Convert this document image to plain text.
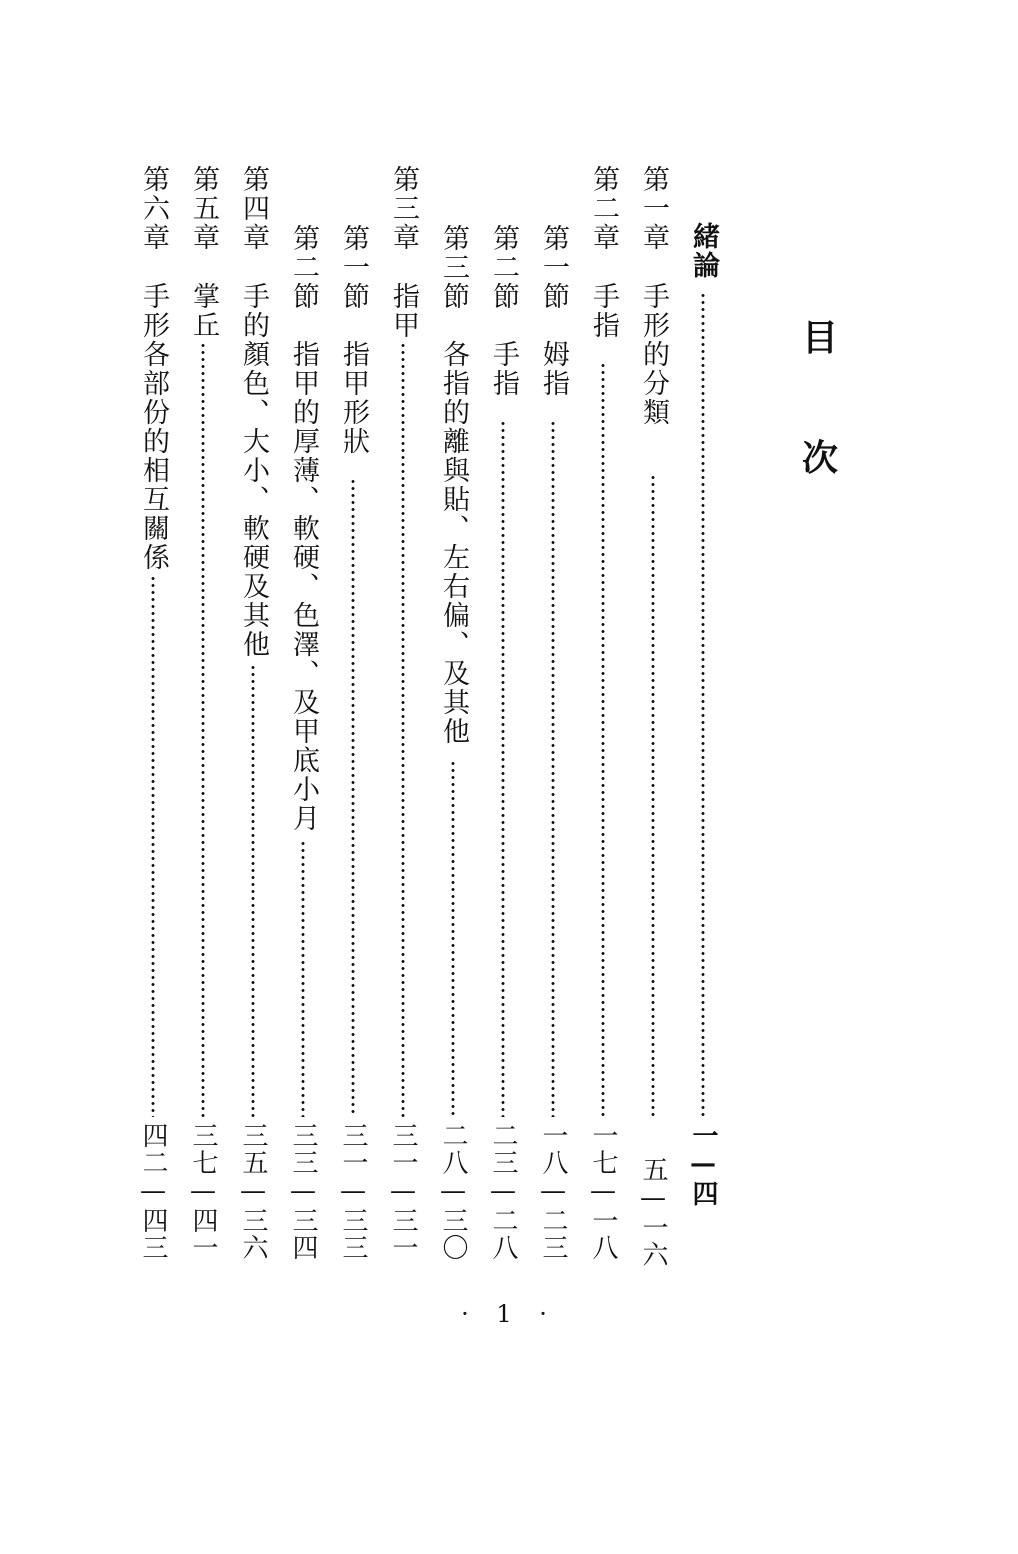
目
次
緒論
一—四
第一章
手形的分類
五—一六
第二章
手指
一七—一八
第一節
姆指
一八—二三
第二節
手指
二三—二八
第三節
各指的離與貼、左右偏、及其他
二八—三〇
第三章
指甲
三一—三一
第一節
指甲形狀
三一—三三
第二節
指甲的厚薄、軟硬、色澤、及甲底小月
三三—三四
第四章
手的顏色、大小、軟硬及其他
三五—三六
第五章
掌丘
三七—四一
第六章
手形各部份的相互關係
四二—四三
· 1 ·
